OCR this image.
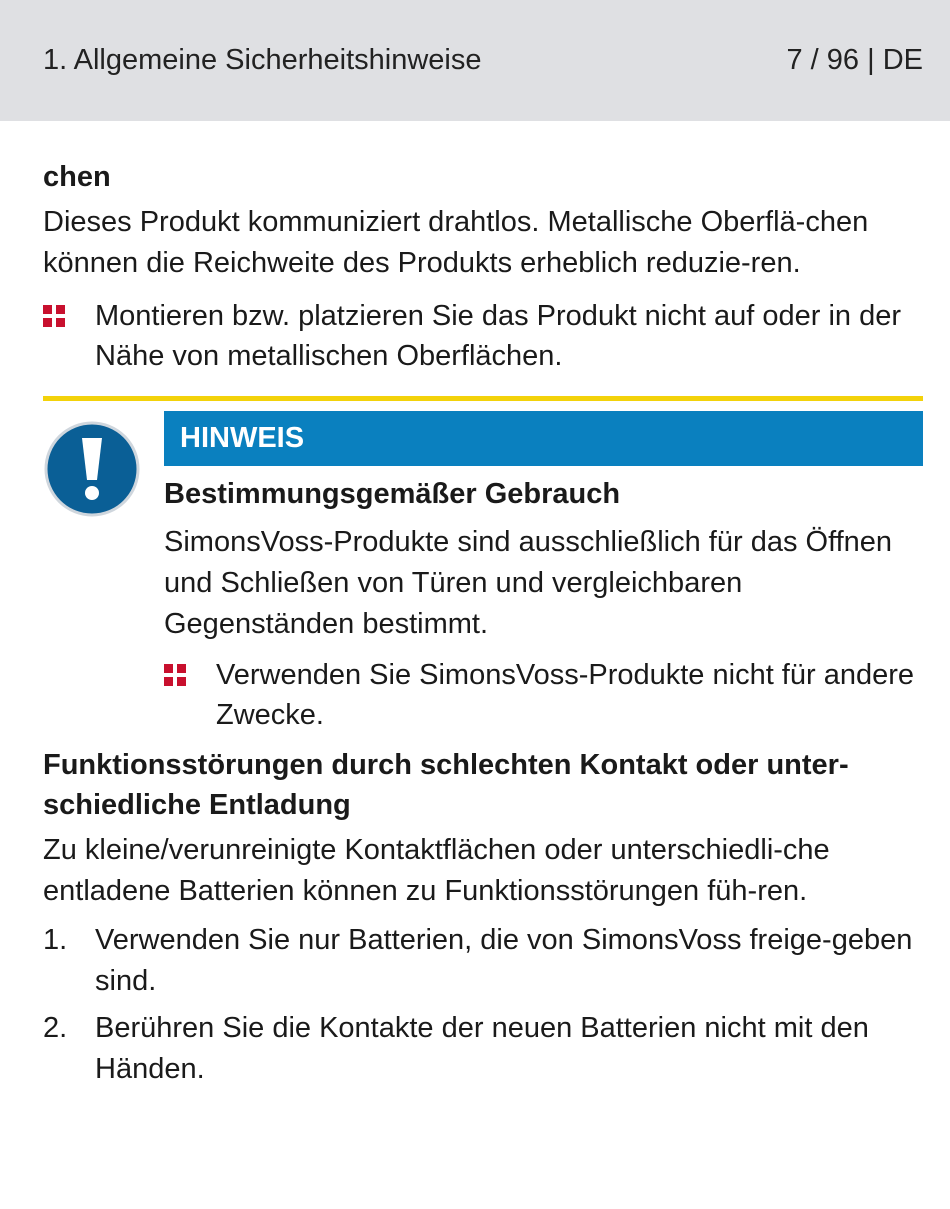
1. Allgemeine Sicherheitshinweise	7 / 96 | DE
chen

Dieses Produkt kommuniziert drahtlos. Metallische Oberflä-chen können die Reichweite des Produkts erheblich reduzie-ren.

Montieren bzw. platzieren Sie das Produkt nicht auf oder in der Nähe von metallischen Oberflächen.
HINWEIS
Bestimmungsgemäßer Gebrauch
SimonsVoss-Produkte sind ausschließlich für das Öffnen und Schließen von Türen und vergleichbaren Gegenständen bestimmt.
Verwenden Sie SimonsVoss-Produkte nicht für andere Zwecke.
Funktionsstörungen durch schlechten Kontakt oder unter-schiedliche Entladung
Zu kleine/verunreinigte Kontaktflächen oder unterschiedli-che entladene Batterien können zu Funktionsstörungen füh-ren.
1. Verwenden Sie nur Batterien, die von SimonsVoss freige-geben sind.
2. Berühren Sie die Kontakte der neuen Batterien nicht mit den Händen.
